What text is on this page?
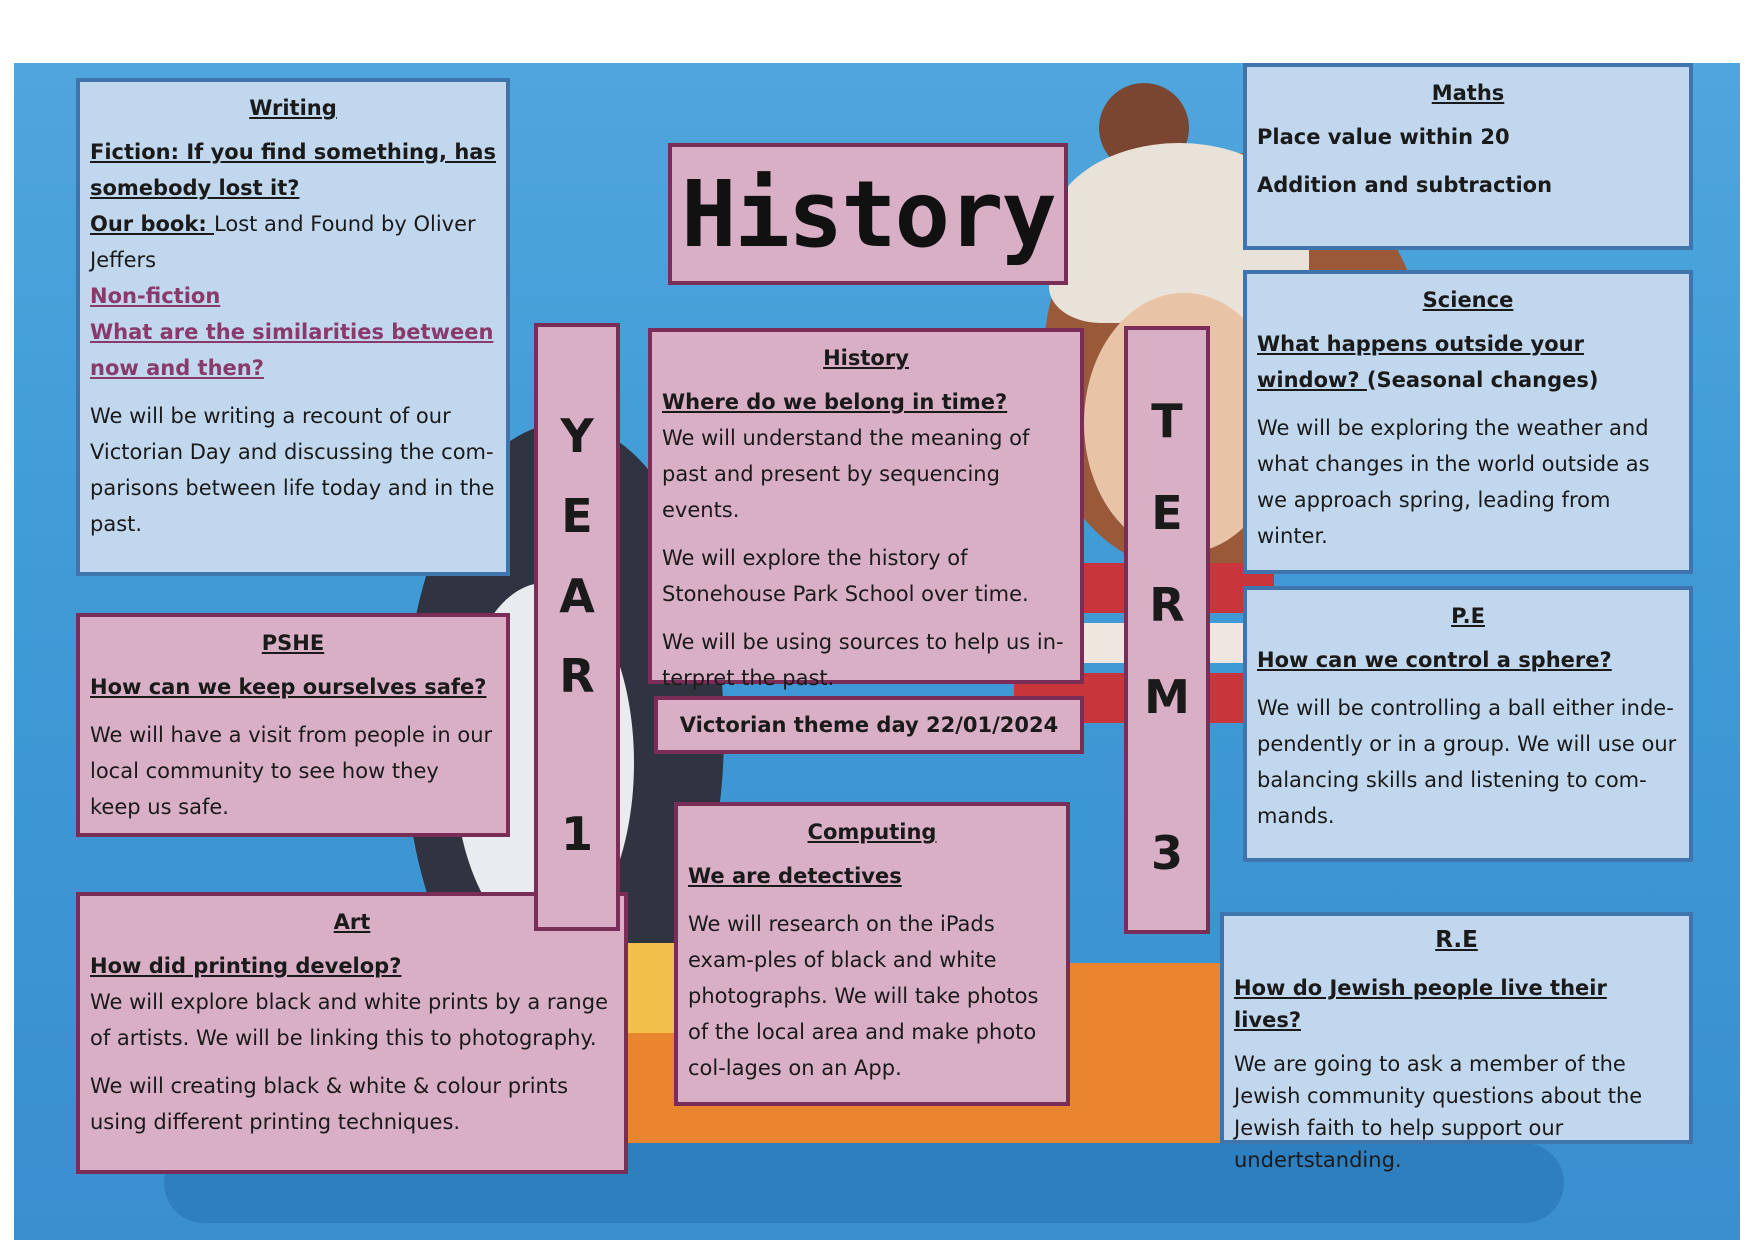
Writing

Fiction: If you find something, has somebody lost it?

Our book: Lost and Found by Oliver Jeffers

Non-fiction

What are the similarities between now and then?

We will be writing a recount of our Victorian Day and discussing the com-parisons between life today and in the past.

PSHE

How can we keep ourselves safe?

We will have a visit from people in our local community to see how they keep us safe.

Art

How did printing develop?

We will explore black and white prints by a range of artists. We will be linking this to photography.

We will creating black & white & colour prints using different printing techniques.

Y
E
A
R
1
History

History

Where do we belong in time?

We will understand the meaning of past and present by sequencing events.

We will explore the history of Stonehouse Park School over time.

We will be using sources to help us in-terpret the past.

Victorian theme day 22/01/2024

Computing

We are detectives

We will research on the iPads exam-ples of black and white photographs. We will take photos of the local area and make photo col-lages on an App.

T
E
R
M
3

Maths

Place value within 20

Addition and subtraction

Science

What happens outside your window? (Seasonal changes)

We will be exploring the weather and what changes in the world outside as we approach spring, leading from winter.

P.E

How can we control a sphere?

We will be controlling a ball either inde-pendently or in a group. We will use our balancing skills and listening to com-mands.

R.E

How do Jewish people live their lives?

We are going to ask a member of the Jewish community questions about the Jewish faith to help support our undertstanding.
